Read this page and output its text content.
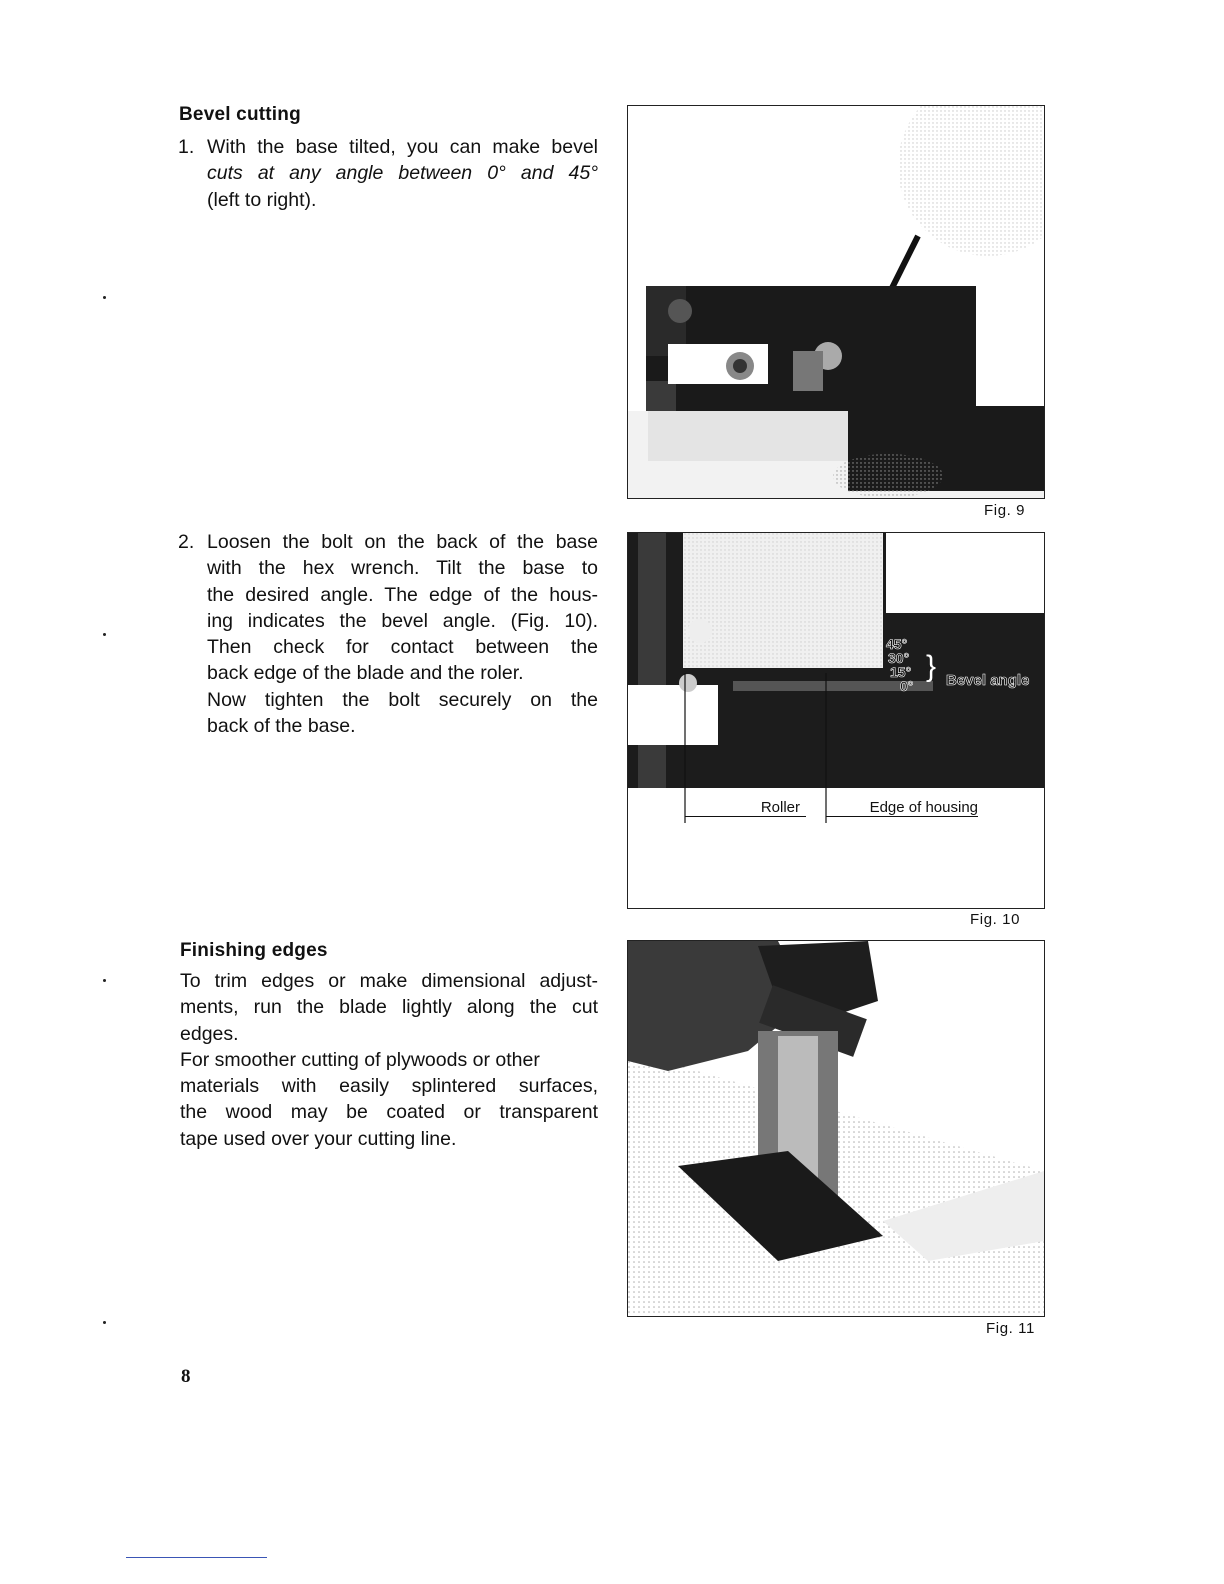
Bevel cutting
1. With the base tilted, you can make bevel
cuts at any angle between 0° and 45°
(left to right).
2. Loosen the bolt on the back of the base
with the hex wrench. Tilt the base to
the desired angle. The edge of the hous-
ing indicates the bevel angle. (Fig. 10).
Then check for contact between the
back edge of the blade and the roler.
Now tighten the bolt securely on the
back of the base.
Finishing edges
To trim edges or make dimensional adjust-
ments, run the blade lightly along the cut
edges.
For smoother cutting of plywoods or other
materials with easily splintered surfaces,
the wood may be coated or transparent
tape used over your cutting line.
Fig. 9
45°
30°
15°
0°
} Bevel angle
Roller	Edge of housing
Fig. 10
Fig. 11
8
